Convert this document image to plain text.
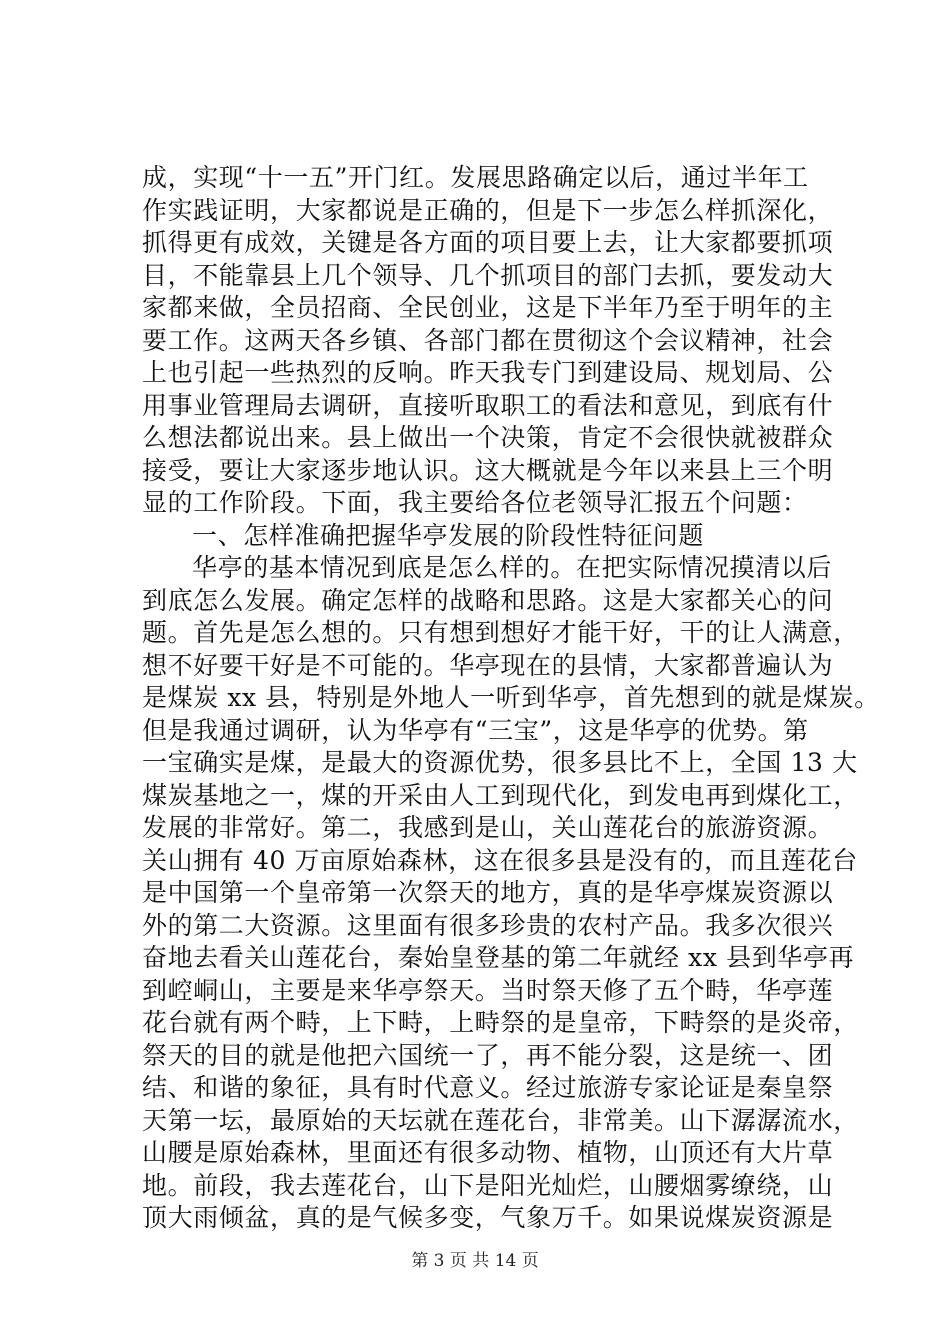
成，实现“十一五”开门红。发展思路确定以后，通过半年工
作实践证明，大家都说是正确的，但是下一步怎么样抓深化，
抓得更有成效，关键是各方面的项目要上去，让大家都要抓项
目，不能靠县上几个领导、几个抓项目的部门去抓，要发动大
家都来做，全员招商、全民创业，这是下半年乃至于明年的主
要工作。这两天各乡镇、各部门都在贯彻这个会议精神，社会
上也引起一些热烈的反响。昨天我专门到建设局、规划局、公
用事业管理局去调研，直接听取职工的看法和意见，到底有什
么想法都说出来。县上做出一个决策，肯定不会很快就被群众
接受，要让大家逐步地认识。这大概就是今年以来县上三个明
显的工作阶段。下面，我主要给各位老领导汇报五个问题：
一、怎样准确把握华亭发展的阶段性特征问题
华亭的基本情况到底是怎么样的。在把实际情况摸清以后
到底怎么发展。确定怎样的战略和思路。这是大家都关心的问
题。首先是怎么想的。只有想到想好才能干好，干的让人满意，
想不好要干好是不可能的。华亭现在的县情，大家都普遍认为
是煤炭 xx 县，特别是外地人一听到华亭，首先想到的就是煤炭。
但是我通过调研，认为华亭有“三宝”，这是华亭的优势。第
一宝确实是煤，是最大的资源优势，很多县比不上，全国 13 大
煤炭基地之一，煤的开采由人工到现代化，到发电再到煤化工，
发展的非常好。第二，我感到是山，关山莲花台的旅游资源。
关山拥有 40 万亩原始森林，这在很多县是没有的，而且莲花台
是中国第一个皇帝第一次祭天的地方，真的是华亭煤炭资源以
外的第二大资源。这里面有很多珍贵的农村产品。我多次很兴
奋地去看关山莲花台，秦始皇登基的第二年就经 xx 县到华亭再
到崆峒山，主要是来华亭祭天。当时祭天修了五个畤，华亭莲
花台就有两个畤，上下畤，上畤祭的是皇帝，下畤祭的是炎帝，
祭天的目的就是他把六国统一了，再不能分裂，这是统一、团
结、和谐的象征，具有时代意义。经过旅游专家论证是秦皇祭
天第一坛，最原始的天坛就在莲花台，非常美。山下潺潺流水，
山腰是原始森林，里面还有很多动物、植物，山顶还有大片草
地。前段，我去莲花台，山下是阳光灿烂，山腰烟雾缭绕，山
顶大雨倾盆，真的是气候多变，气象万千。如果说煤炭资源是
第 3 页 共 14 页
